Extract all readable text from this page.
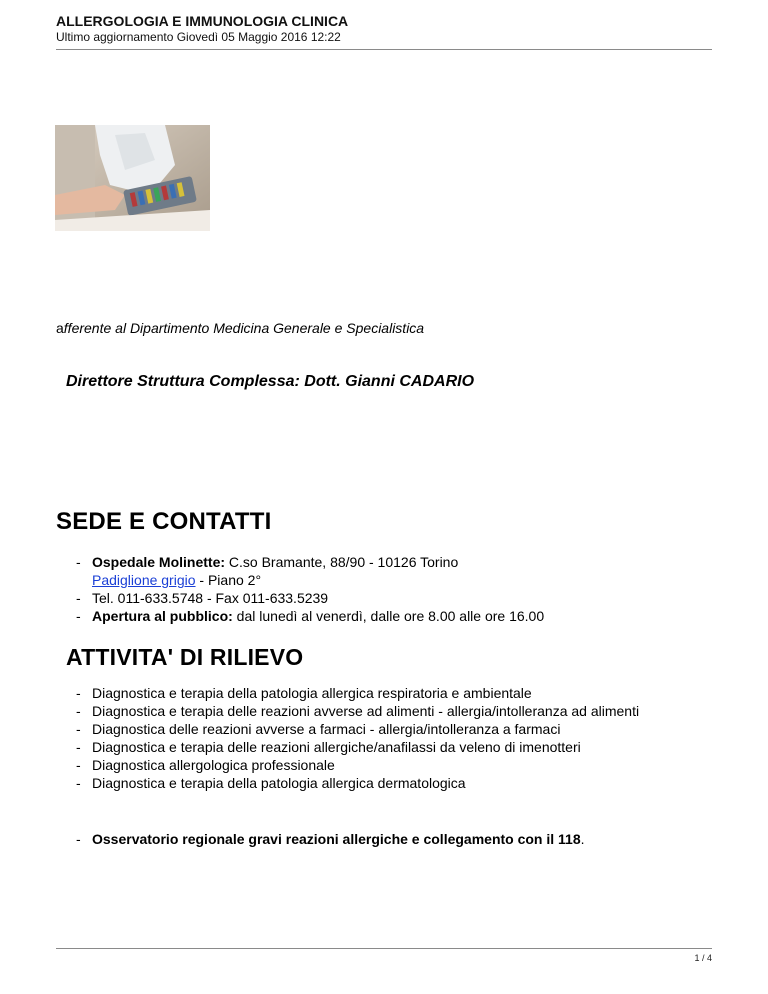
ALLERGOLOGIA E IMMUNOLOGIA CLINICA
Ultimo aggiornamento Giovedì 05 Maggio 2016 12:22
afferente al Dipartimento Medicina Generale e Specialistica
Direttore Struttura Complessa: Dott. Gianni CADARIO
SEDE E CONTATTI
- Ospedale Molinette: C.so Bramante, 88/90 - 10126 Torino
Padiglione grigio - Piano 2°
- Tel. 011-633.5748 - Fax 011-633.5239
- Apertura al pubblico: dal lunedì al venerdì, dalle ore 8.00 alle ore 16.00
ATTIVITA' DI RILIEVO
- Diagnostica e terapia della patologia allergica respiratoria e ambientale
- Diagnostica e terapia delle reazioni avverse ad alimenti - allergia/intolleranza ad alimenti
- Diagnostica delle reazioni avverse a farmaci - allergia/intolleranza a farmaci
- Diagnostica e terapia delle reazioni allergiche/anafilassi da veleno di imenotteri
- Diagnostica allergologica professionale
- Diagnostica e terapia della patologia allergica dermatologica
- Osservatorio regionale gravi reazioni allergiche e collegamento con il 118.
1 / 4
